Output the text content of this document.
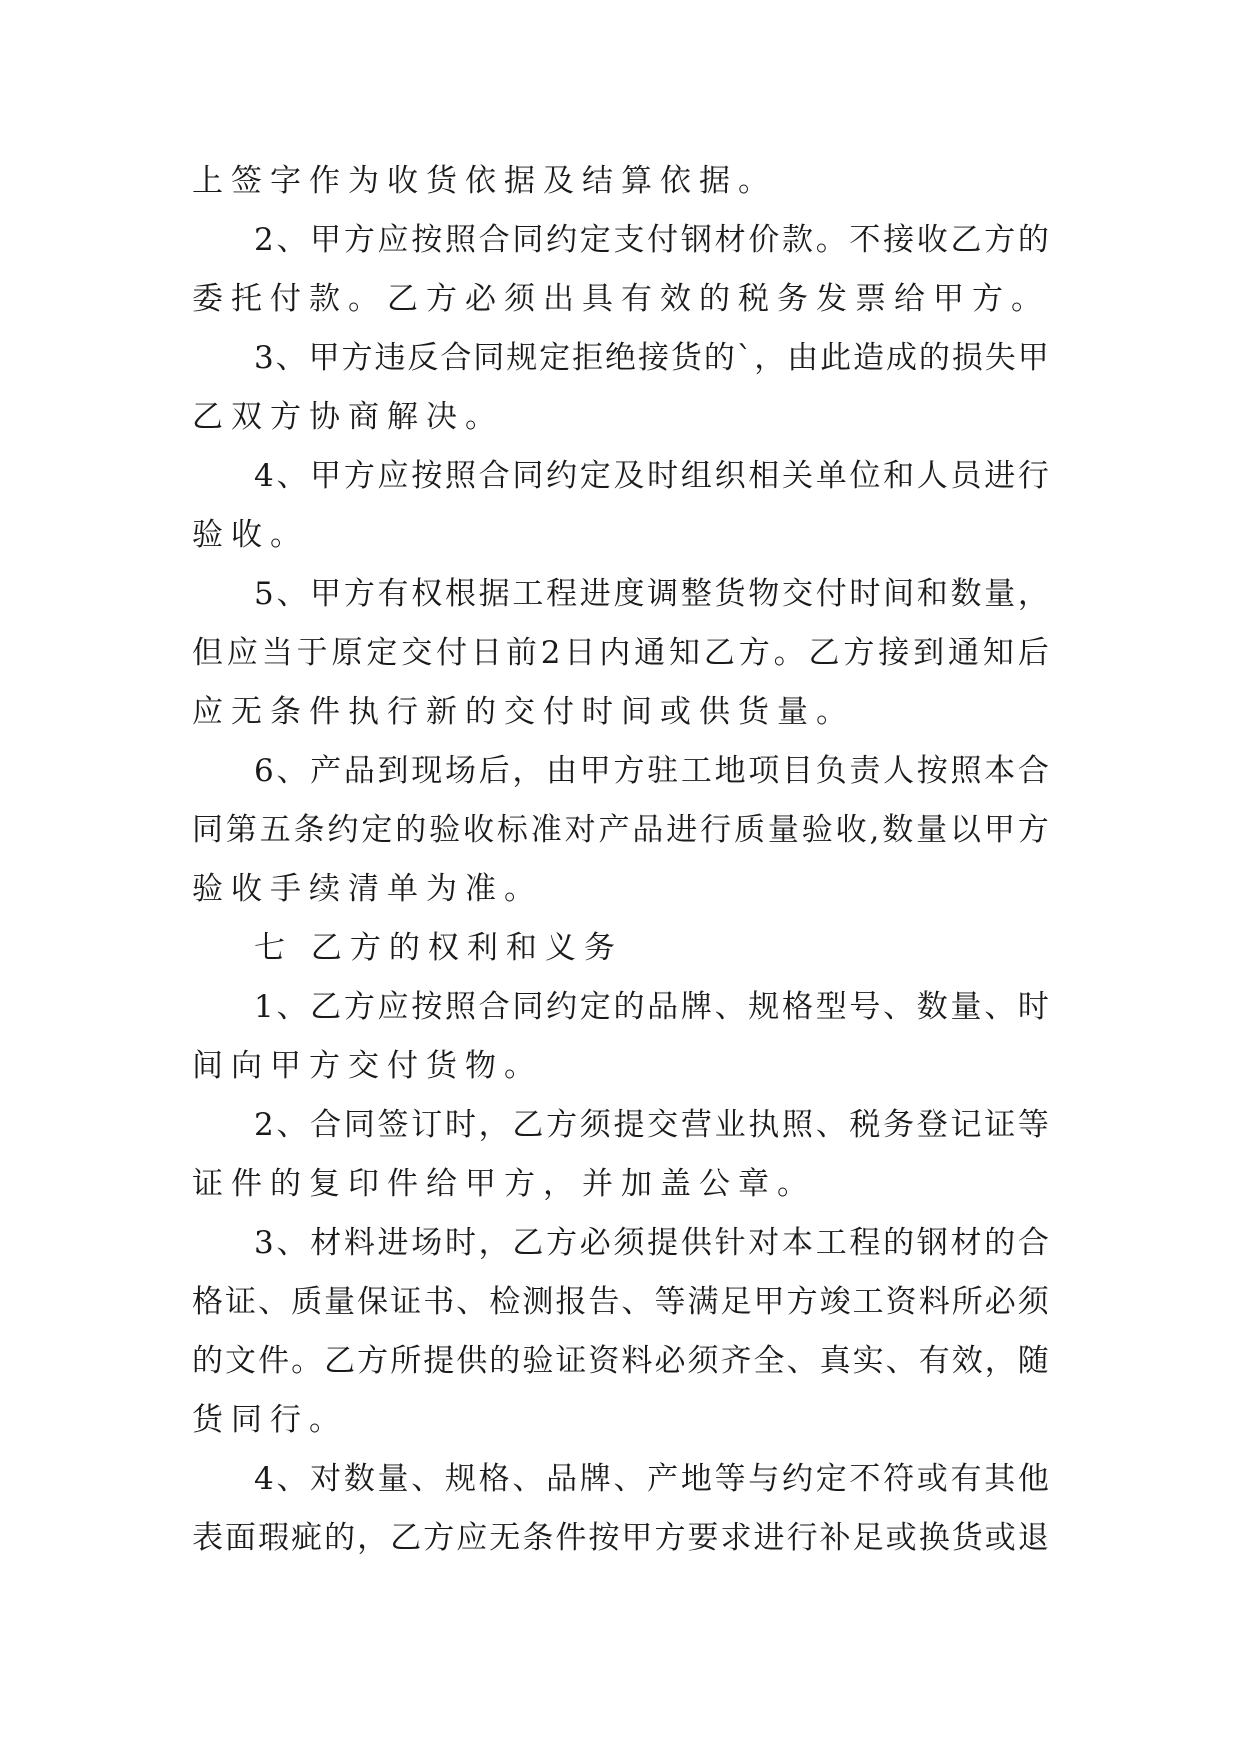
上签字作为收货依据及结算依据。
2 、 甲 方 应 按 照 合 同 约 定 支 付 钢 材 价 款 。 不 接 收 乙 方 的
委托付款。乙方必须出具有效的税务发票给甲方。
3 、 甲 方 违 反 合 同 规 定 拒 绝 接 货 的 ` ， 由 此 造 成 的 损 失 甲
乙双方协商解决。
4 、 甲 方 应 按 照 合 同 约 定 及 时 组 织 相 关 单 位 和 人 员 进 行
验收。
5 、 甲 方 有 权 根 据 工 程 进 度 调 整 货 物 交 付 时 间 和 数 量 ，
但 应 当 于 原 定 交 付 日 前 2 日 内 通 知 乙 方 。 乙 方 接 到 通 知 后
应无条件执行新的交付时间或供货量。
6 、 产 品 到 现 场 后 ， 由 甲 方 驻 工 地 项 目 负 责 人 按 照 本 合
同 第 五 条 约 定 的 验 收 标 准 对 产 品 进 行 质 量 验 收 , 数 量 以 甲 方
验收手续清单为准。
七 乙方的权利和义务
1 、 乙 方 应 按 照 合 同 约 定 的 品 牌 、 规 格 型 号 、 数 量 、 时
间向甲方交付货物。
2 、 合 同 签 订 时 ， 乙 方 须 提 交 营 业 执 照 、 税 务 登 记 证 等
证件的复印件给甲方，并加盖公章。
3 、 材 料 进 场 时 ， 乙 方 必 须 提 供 针 对 本 工 程 的 钢 材 的 合
格 证 、 质 量 保 证 书 、 检 测 报 告 、 等 满 足 甲 方 竣 工 资 料 所 必 须
的 文 件 。 乙 方 所 提 供 的 验 证 资 料 必 须 齐 全 、 真 实 、 有 效 ， 随
货同行。
4 、 对 数 量 、 规 格 、 品 牌 、 产 地 等 与 约 定 不 符 或 有 其 他
表 面 瑕 疵 的 ， 乙 方 应 无 条 件 按 甲 方 要 求 进 行 补 足 或 换 货 或 退
